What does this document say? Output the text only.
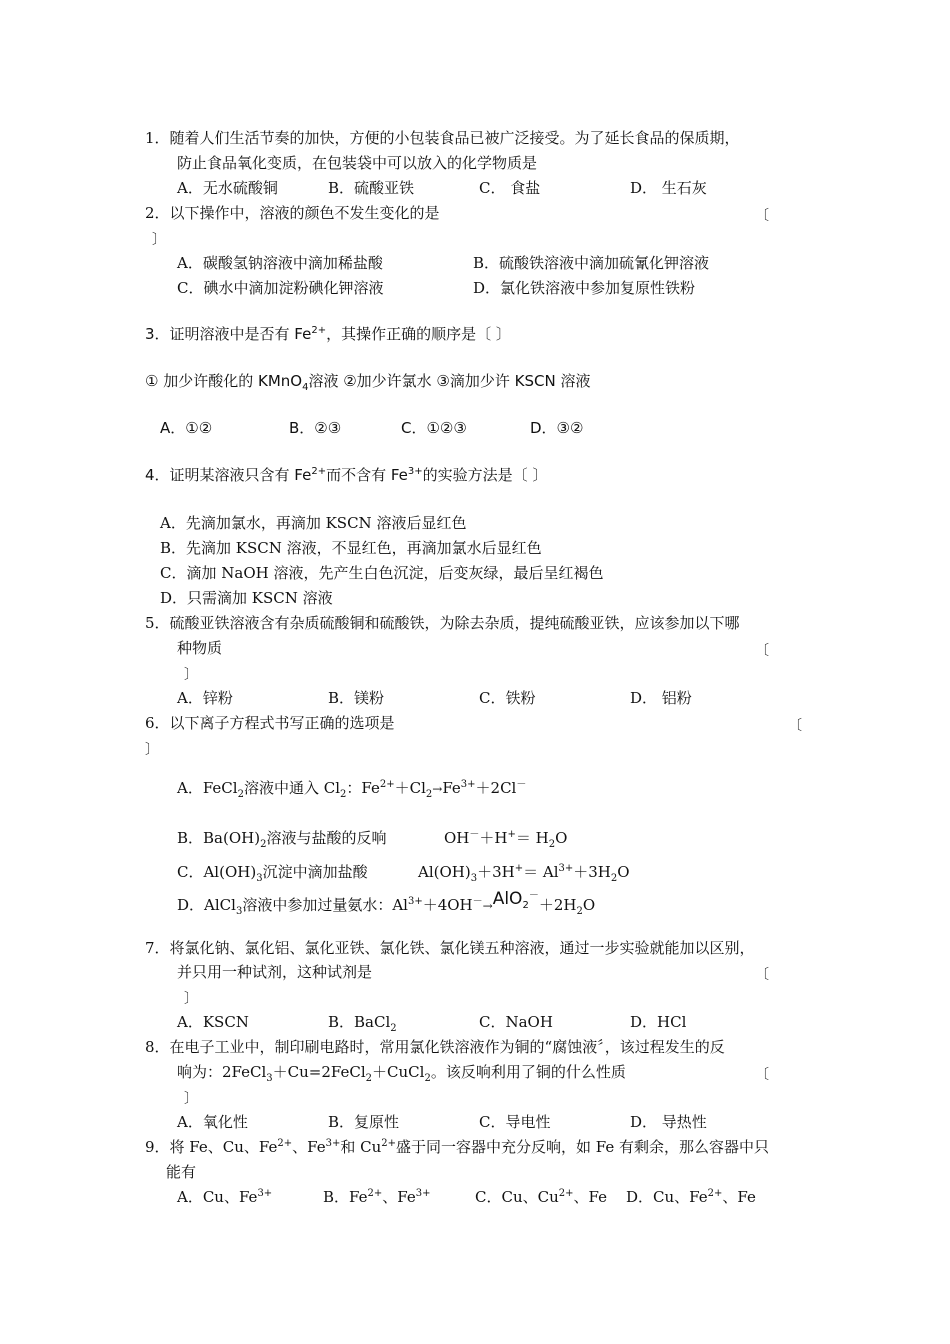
1．随着人们生活节奏的加快，方便的小包装食品已被广泛接受。为了延长食品的保质期，
防止食品氧化变质，在包装袋中可以放入的化学物质是
A．无水硫酸铜	B．硫酸亚铁	C． 食盐	D． 生石灰
2．以下操作中，溶液的颜色不发生变化的是	〔
〕
A．碳酸氢钠溶液中滴加稀盐酸	B．硫酸铁溶液中滴加硫氰化钾溶液
C．碘水中滴加淀粉碘化钾溶液	D．氯化铁溶液中参加复原性铁粉
3．证明溶液中是否有 $Fe^{2+}$，其操作正确的顺序是〔 〕
① 加少许酸化的 KMnO$_4$溶液 ②加少许氯水 ③滴加少许 KSCN 溶液
A．①②	B．②③	C．①②③	D．③②
4．证明某溶液只含有 $Fe^{2+}$而不含有 $Fe^{3+}$的实验方法是〔 〕
A．先滴加氯水，再滴加 KSCN 溶液后显红色
B．先滴加 KSCN 溶液，不显红色，再滴加氯水后显红色
C．滴加 NaOH 溶液，先产生白色沉淀，后变灰绿，最后呈红褐色
D．只需滴加 KSCN 溶液
5．硫酸亚铁溶液含有杂质硫酸铜和硫酸铁，为除去杂质，提纯硫酸亚铁，应该参加以下哪
种物质	〔
〕
A．锌粉	B．镁粉	C．铁粉	D． 铝粉
6．以下离子方程式书写正确的选项是	〔
〕
A．FeCl$_2$溶液中通入 $Cl_2$：$Fe^{2+}+Cl_2\to Fe^{3+}+2Cl^-$
B．$Ba(OH)_2$溶液与盐酸的反响	$OH^-+H^+= H_2O$
C．$Al(OH)_3$沉淀中滴加盐酸	$Al(OH)_3+3H^+= Al^{3+}+3H_2O$
D．AlCl$_3$溶液中参加过量氨水：$Al^{3+}+4OH^-\to AlO_2^-+2H_2O$
7．将氯化钠、氯化铝、氯化亚铁、氯化铁、氯化镁五种溶液，通过一步实验就能加以区别，
并只用一种试剂，这种试剂是	〔
〕
A．KSCN	B．BaCl$_2$	C．NaOH	D．HCl
8．在电子工业中，制印刷电路时，常用氯化铁溶液作为铜的“腐蚀液〞，该过程发生的反
响为：2FeCl$_3$＋Cu=2FeCl$_2$＋CuCl$_2$。该反响利用了铜的什么性质	〔
〕
A．氧化性	B．复原性	C．导电性	D． 导热性
9．将 Fe、Cu、$Fe^{2+}$、$Fe^{3+}$和 $Cu^{2+}$盛于同一容器中充分反响，如 Fe 有剩余，那么容器中只
能有
A．Cu、$Fe^{3+}$	B．$Fe^{2+}$、$Fe^{3+}$	C．Cu、$Cu^{2+}$、Fe D．Cu、$Fe^{2+}$、Fe
